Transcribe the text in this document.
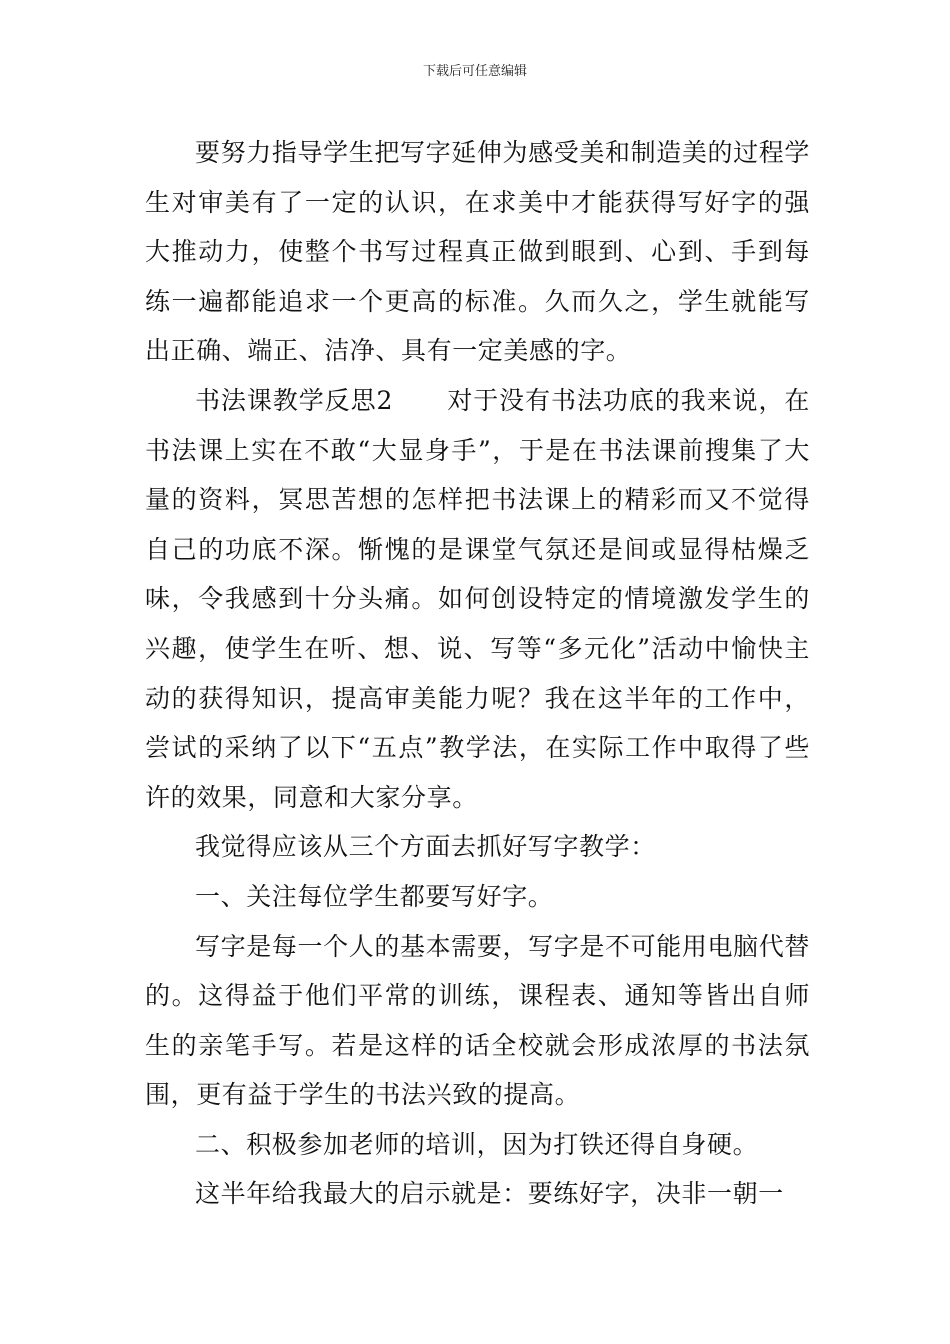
下载后可任意编辑

要努力指导学生把写字延伸为感受美和制造美的过程学生对审美有了一定的认识，在求美中才能获得写好字的强大推动力，使整个书写过程真正做到眼到、心到、手到每练一遍都能追求一个更高的标准。久而久之，学生就能写出正确、端正、洁净、具有一定美感的字。

书法课教学反思2 对于没有书法功底的我来说，在书法课上实在不敢“大显身手”，于是在书法课前搜集了大量的资料，冥思苦想的怎样把书法课上的精彩而又不觉得自己的功底不深。惭愧的是课堂气氛还是间或显得枯燥乏味，令我感到十分头痛。如何创设特定的情境激发学生的兴趣，使学生在听、想、说、写等“多元化”活动中愉快主动的获得知识，提高审美能力呢？我在这半年的工作中，尝试的采纳了以下“五点”教学法，在实际工作中取得了些许的效果，同意和大家分享。

我觉得应该从三个方面去抓好写字教学：

一、关注每位学生都要写好字。

写字是每一个人的基本需要，写字是不可能用电脑代替的。这得益于他们平常的训练，课程表、通知等皆出自师生的亲笔手写。若是这样的话全校就会形成浓厚的书法氛围，更有益于学生的书法兴致的提高。

二、积极参加老师的培训，因为打铁还得自身硬。

这半年给我最大的启示就是：要练好字，决非一朝一
